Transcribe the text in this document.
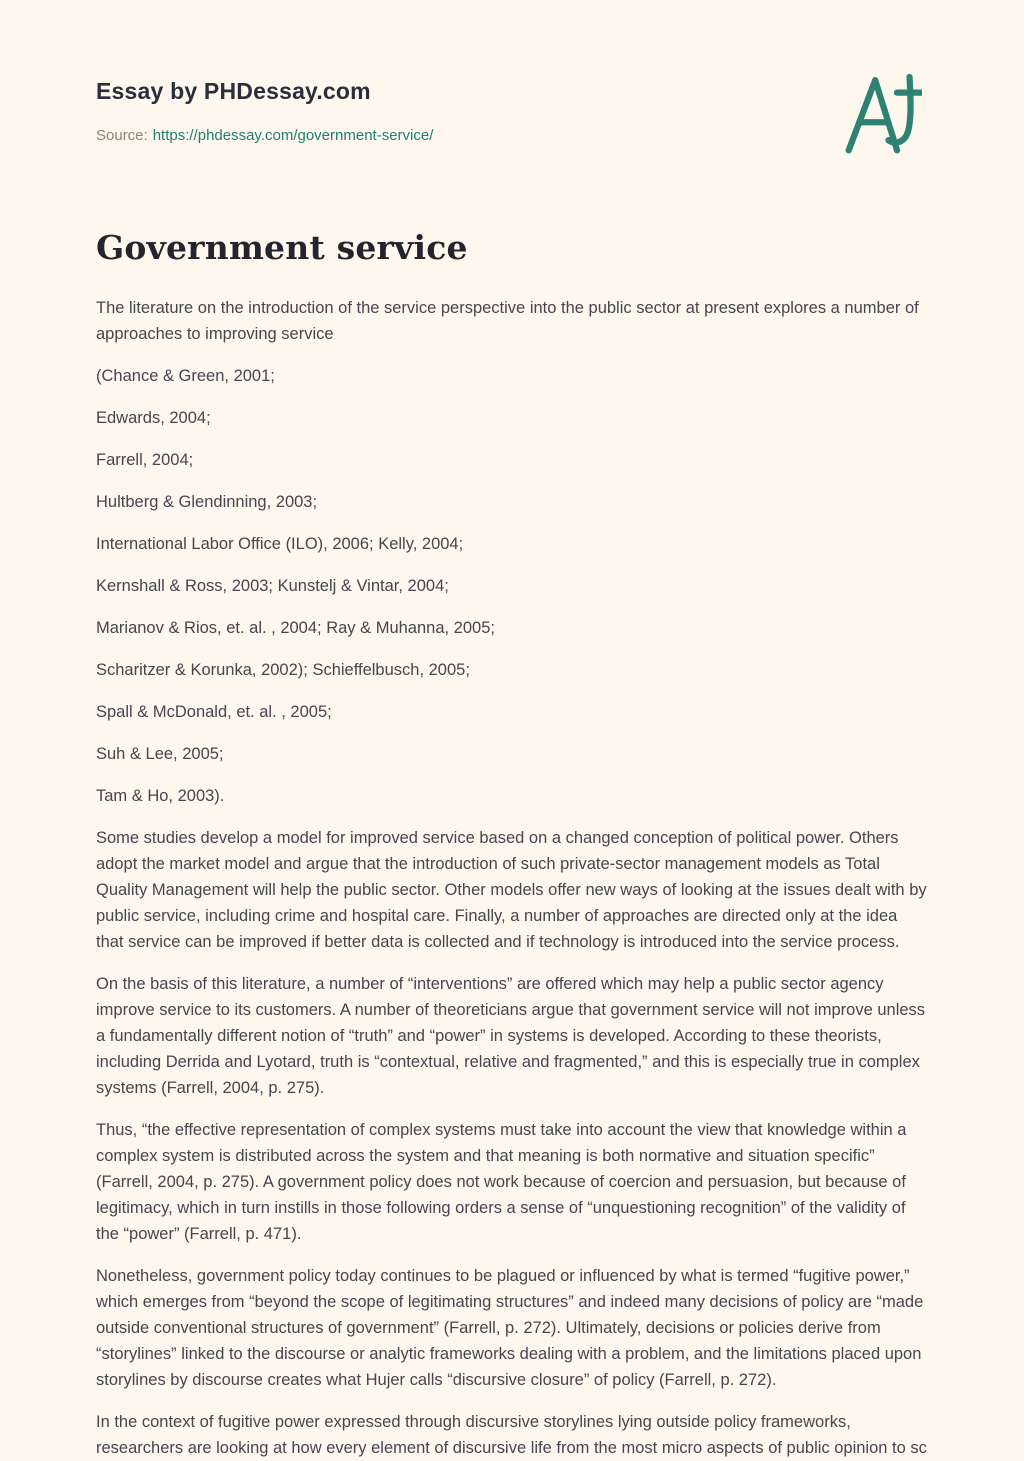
Essay by PHDessay.com
Source: https://phdessay.com/government-service/
Government service

The literature on the introduction of the service perspective into the public sector at present explores a number of approaches to improving service

(Chance & Green, 2001;

Edwards, 2004;

Farrell, 2004;

Hultberg & Glendinning, 2003;

International Labor Office (ILO), 2006; Kelly, 2004;

Kernshall & Ross, 2003; Kunstelj & Vintar, 2004;

Marianov & Rios, et. al. , 2004; Ray & Muhanna, 2005;

Scharitzer & Korunka, 2002); Schieffelbusch, 2005;

Spall & McDonald, et. al. , 2005;

Suh & Lee, 2005;

Tam & Ho, 2003).

Some studies develop a model for improved service based on a changed conception of political power. Others adopt the market model and argue that the introduction of such private-sector management models as Total Quality Management will help the public sector. Other models offer new ways of looking at the issues dealt with by public service, including crime and hospital care. Finally, a number of approaches are directed only at the idea that service can be improved if better data is collected and if technology is introduced into the service process.

On the basis of this literature, a number of “interventions” are offered which may help a public sector agency improve service to its customers. A number of theoreticians argue that government service will not improve unless a fundamentally different notion of “truth” and “power” in systems is developed. According to these theorists, including Derrida and Lyotard, truth is “contextual, relative and fragmented,” and this is especially true in complex systems (Farrell, 2004, p. 275).

Thus, “the effective representation of complex systems must take into account the view that knowledge within a complex system is distributed across the system and that meaning is both normative and situation specific” (Farrell, 2004, p. 275). A government policy does not work because of coercion and persuasion, but because of legitimacy, which in turn instills in those following orders a sense of “unquestioning recognition” of the validity of the “power” (Farrell, p. 471).

Nonetheless, government policy today continues to be plagued or influenced by what is termed “fugitive power,” which emerges from “beyond the scope of legitimating structures” and indeed many decisions of policy are “made outside conventional structures of government” (Farrell, p. 272). Ultimately, decisions or policies derive from “storylines” linked to the discourse or analytic frameworks dealing with a problem, and the limitations placed upon storylines by discourse creates what Hujer calls “discursive closure” of policy (Farrell, p. 272).

In the context of fugitive power expressed through discursive storylines lying outside policy frameworks, researchers are looking at how every element of discursive life from the most micro aspects of public opinion to sc
